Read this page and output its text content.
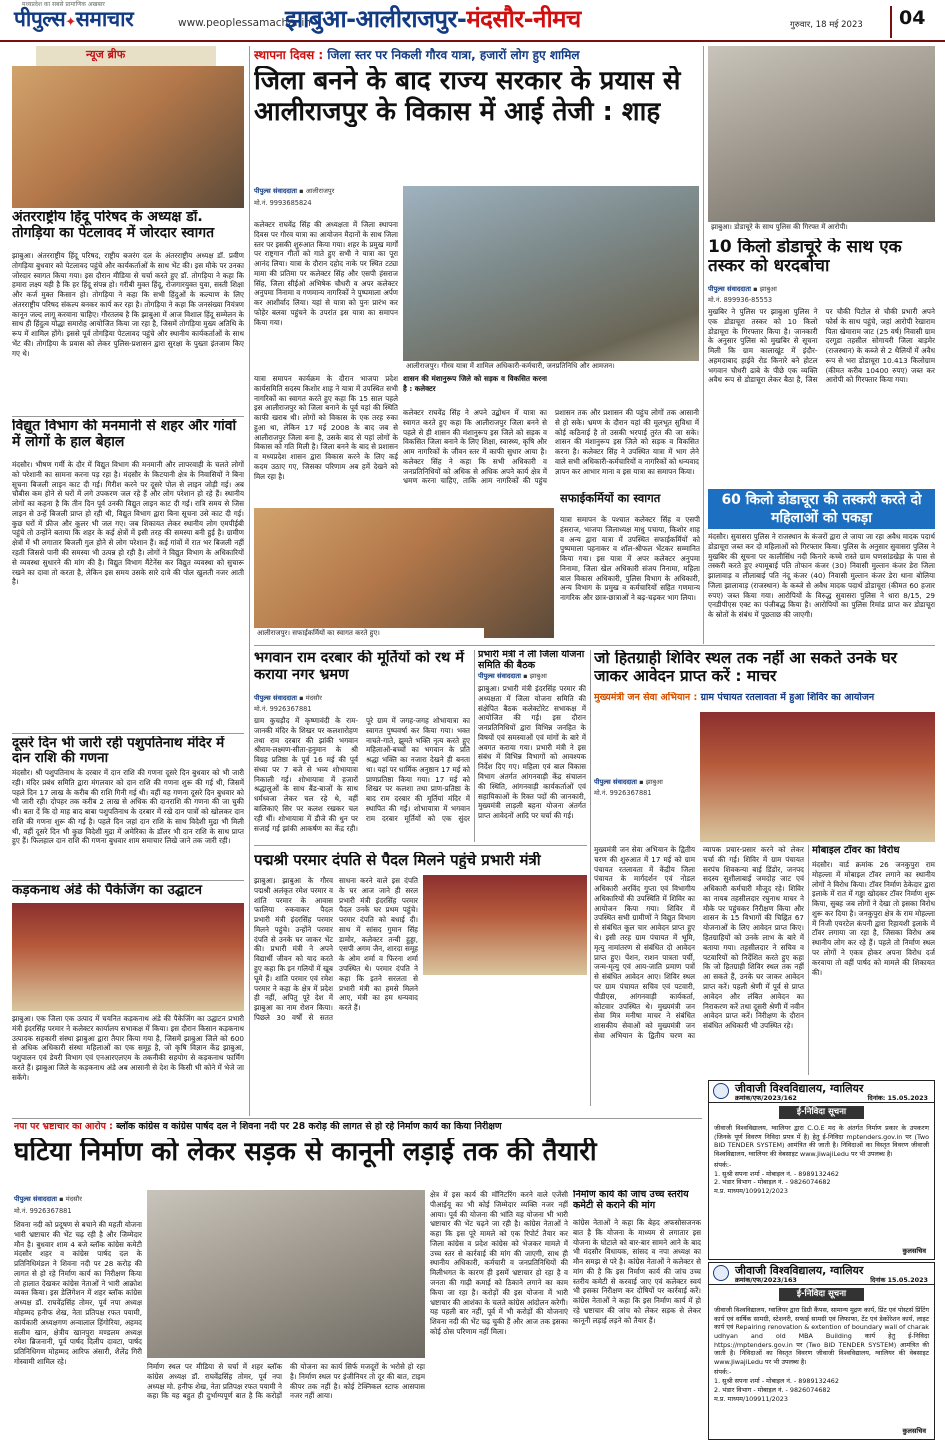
मध्यप्रदेश का सबसे प्रामाणिक अखबार
पीपुल्स✦समाचार	www.peoplessamachar.in
झाबुआ-आलीराजपुर-मंदसौर-नीमच	गुरुवार, 18 मई 2023	04
न्यूज ब्रीफ
अंतरराष्ट्रीय हिंदू परिषद के अध्यक्ष डॉ. तोगड़िया का पेटलावद में जोरदार स्वागत
झाबुआ। अंतरराष्ट्रीय हिंदू परिषद, राष्ट्रीय बजरंग दल के अंतरराष्ट्रीय अध्यक्ष डॉ. प्रवीण तोगड़िया बुधवार को पेटलावद पहुंचे और कार्यकर्ताओं के साथ भेंट की। इस मौके पर उनका जोरदार स्वागत किया गया। इस दौरान मीडिया से चर्चा करते हुए डॉ. तोगड़िया ने कहा कि हमारा लक्ष्य यही है कि हर हिंदू संपन्न हो। गरीबी मुक्त हिंदू, रोजगारयुक्त युवा, सस्ती शिक्षा और कर्ज मुक्त किसान हो। तोगड़िया ने कहा कि सभी हिंदुओं के कल्याण के लिए अंतरराष्ट्रीय परिषद संकल्प बनकर कार्य कर रहा है। तोगड़िया ने कहा कि जनसंख्या नियंत्रण कानून जल्द लागू करवाना चाहिए। गौरतलब है कि झाबुआ में आज विशाल हिंदू सम्मेलन के साथ ही हिंदुत्व योद्धा समारोह आयोजित किया जा रहा है, जिसमें तोगड़िया मुख्य अतिथि के रूप में शामिल होंगे। इससे पूर्व तोगड़िया पेटलावद पहुंचे और स्थानीय कार्यकर्ताओं के साथ भेंट की। तोगड़िया के प्रवास को लेकर पुलिस-प्रशासन द्वारा सुरक्षा के पुख्ता इंतजाम किए गए थे।
विद्युत विभाग की मनमानी से शहर और गांवों में लोगों के हाल बेहाल
मंदसौर। भीषण गर्मी के दौर में विद्युत विभाग की मनमानी और लापरवाही के चलते लोगों को परेशानी का सामना करना पड़ रहा है। मंदसौर के किटयानी क्षेत्र के निवासियों ने बिना सूचना बिजली लाइन काट दी गई। गिरीश करने पर दूसरे पोल से लाइन जोड़ी गई। अब चौबीस कम होने से घरों में लगे उपकरण जल रहे हैं और लोग परेशान हो रहे हैं। स्थानीय लोगों का कहना है कि तीन दिन पूर्व उनकी विद्युत लाइन काट दी गई। रात्रि समय से जिस लाइन से उन्हें बिजली प्राप्त हो रही थी, विद्युत विभाग द्वारा बिना सूचना उसे काट दी गई। कुछ घरों में फ्रीज और कूलर भी जल गए। जब शिकायत लेकर स्थानीय लोग एमपीईबी पहुंचे तो उन्होंने बताया कि शहर के कई क्षेत्रों में इसी तरह की समस्या बनी हुई है। ग्रामीण क्षेत्रों में भी लगातार बिजली गुल होने से लोग परेशान हैं। कई गांवों में रात भर बिजली नहीं रहती जिससे पानी की समस्या भी उत्पन्न हो रही है। लोगों ने विद्युत विभाग के अधिकारियों से व्यवस्था सुधारने की मांग की है। विद्युत विभाग मैंटेनेंस कर विद्युत व्यवस्था को सुचारू रखने का दावा तो करता है, लेकिन इस समय उसके सारे दावे की पोल खुलती नजर आती है।
दूसरे दिन भी जारी रही पशुपतिनाथ मंदिर में दान राशि की गणना
मंदसौर। श्री पशुपतिनाथ के दरबार में दान राशि की गणना दूसरे दिन बुधवार को भी जारी रही। मंदिर प्रबंध समिति द्वारा मंगलवार को दान राशि की गणना शुरू की गई थी, जिसमें पहले दिन 17 लाख के करीब की राशि गिनी गई थी। वहीं यह गणना दूसरे दिन बुधवार को भी जारी रही। दोपहर तक करीब 2 लाख से अधिक की दानराशि की गणना की जा चुकी थी। बता दें कि दो माह बाद बाबा पशुपतिनाथ के दरबार में रखे दान पात्रों को खोलकर दान राशि की गणना शुरू की गई है। पहले दिन जहां दान राशि के साथ विदेशी मुद्रा भी मिली थी, वहीं दूसरे दिन भी कुछ विदेशी मुद्रा में अमेरिका के डॉलर भी दान राशि के साथ प्राप्त हुए हैं। फिलहाल दान राशि की गणना बुधवार शाम समाचार लिखे जाने तक जारी रही।
कड़कनाथ अंडे की पैकेजिंग का उद्घाटन
झाबुआ। एक जिला एक उत्पाद में चयनित कड़कनाथ अंडे की पैकेजिंग का उद्घाटन प्रभारी मंत्री इंदरसिंह परमार ने कलेक्टर कार्यालय सभाकक्ष में किया। इस दौरान किसान कड़कनाथ उत्पादक सहकारी संस्था झाबुआ द्वारा तैयार किया गया है, जिसमें झाबुआ जिले को 600 से अधिक अधिकारी संस्था महिलाओं का एक समूह है, जो कृषि विज्ञान केंद्र झाबुआ, पशुपालन एवं डेयरी विभाग एवं एनआरएलएम के तकनीकी सहयोग से कड़कनाथ फार्मिंग करते हैं। झाबुआ जिले के कड़कनाथ अंडे अब आसानी से देश के किसी भी कोने में भेजे जा सकेंगे।
स्थापना दिवस : जिला स्तर पर निकली गौरव यात्रा, हजारों लोग हुए शामिल
जिला बनने के बाद राज्य सरकार के प्रयास से आलीराजपुर के विकास में आई तेजी : शाह
पीपुल्स संवाददाता ▪ आलीराजपुर
मो.नं. 9993685824
आलीराजपुर। गौरव यात्रा में शामिल अधिकारी-कर्मचारी, जनप्रतिनिधि और आमजन।
कलेक्टर राघवेंद्र सिंह की अध्यक्षता में जिला स्थापना दिवस पर गौरव यात्रा का आयोजन मैदानों के साथ जिला स्तर पर इसकी शुरुआत किया गया। शहर के प्रमुख मार्गों पर राष्ट्रगान गीतों को गाते हुए सभी ने यात्रा का पूरा आनंद लिया। यात्रा के दौरान दहोद नाके पर स्थित टट्या मामा की प्रतिमा पर कलेक्टर सिंह और एसपी हंसराज सिंह, जिला सीईओ अभिषेक चौधरी व अपर कलेक्टर अनुपमा निनामा व गणमान्य नागरिकों ने पुष्पमाला अर्पण कर आशीर्वाद लिया। यहां से यात्रा को पुनः प्रारंभ कर फोहेर बलवा पहुंचने के उपरांत इस यात्रा का समापन किया गया।
यात्रा समापन कार्यक्रम के दौरान भाजपा प्रदेश कार्यसमिति सदस्य किशोर शाह ने यात्रा में उपस्थित सभी नागरिकों का स्वागत करते हुए कहा कि 15 साल पहले इस आलीराजपुर को जिला बनाने के पूर्व यहां की स्थिति काफी खराब थी। लोगों को विकास के एक तरह रुका हुआ था, लेकिन 17 मई 2008 के बाद जब से आलीराजपुर जिला बना है, उसके बाद से यहां लोगों के विकास को गति मिली है। जिला बनने के बाद से प्रशासन व मध्यप्रदेश शासन द्वारा विकास करने के लिए कई कदम उठाए गए, जिसका परिणाम अब हमें देखने को मिल रहा है।
शासन की मंशानुरूप जिले को सड़क व विकसित करना है : कलेक्टर
कलेक्टर राघवेंद्र सिंह ने अपने उद्बोधन में यात्रा का स्वागत करते हुए कहा कि आलीराजपुर जिला बनने से पहले से ही शासन की मंशानुरूप इस जिले को सड़क व विकसित जिला बनाने के लिए शिक्षा, स्वास्थ्य, कृषि और आम नागरिकों के जीवन स्तर में काफी सुधार आया है। कलेक्टर सिंह ने कहा कि सभी अधिकारी व जनप्रतिनिधियों को अधिक से अधिक अपने कार्य क्षेत्र में भ्रमण करना चाहिए, ताकि आम नागरिकों की पहुंच प्रशासन तक और प्रशासन की पहुंच लोगों तक आसानी से हो सके। भ्रमण के दौरान यहां की मूलभूत सुविधा में कोई कठिनाई है तो उसकी भरपाई तुरंत की जा सके। शासन की मंशानुरूप इस जिले को सड़क व विकसित करना है। कलेक्टर सिंह ने उपस्थित यात्रा में भाग लेने वाले सभी अधिकारी-कर्मचारियों व नागरिकों को धन्यवाद ज्ञापन कर आभार माना व इस यात्रा का समापन किया।
आलीराजपुर। सफाईकर्मियों का स्वागत करते हुए।
सफाईकर्मियों का स्वागत
यात्रा समापन के पश्चात कलेक्टर सिंह व एसपी हंसराज, भाजपा जिलाध्यक्ष माधु पचाया, किशोर शाह व अन्य द्वारा यात्रा में उपस्थित सफाईकर्मियों को पुष्पमाला पहनाकर व शॉल-श्रीफल भेंटकर सम्मानित किया गया। इस यात्रा में अपर कलेक्टर अनुपमा निनामा, जिला खेल अधिकारी संजय निनामा, महिला बाल विकास अधिकारी, पुलिस विभाग के अधिकारी, अन्य विभाग के प्रमुख व कर्मचारियों सहित गणमान्य नागरिक और छात्र-छात्राओं ने बढ़-चढ़कर भाग लिया।
झाबुआ। डोडाचूरे के साथ पुलिस की गिरफ्त में आरोपी।
10 किलो डोडाचूरे के साथ एक तस्कर को धरदबोचा
पीपुल्स संवाददाता ▪ झाबुआ
मो.नं. 899936-85553
मुखबिर ने पुलिस पर झाबुआ पुलिस ने एक डोडाचूरा तस्कर को 10 किलो डोडाचूरा के गिरफ्तार किया है। जानकारी के अनुसार पुलिस को मुखबिर से सूचना मिली कि ग्राम कालाखूंट में इंदौर-अहमदाबाद हाईवे रोड किनारे बने होटल भगवान चौधरी ढाबे के पीछे एक व्यक्ति अवैध रूप से डोडाचूरा लेकर बैठा है, जिस पर चौकी पिटोल से चौकी प्रभारी अपने फोर्स के साथ पहुंचे, जहां आरोपी रेखाराम पिता खेमाराम जाट (25 वर्ष) निवासी ग्राम दरगूडा तहसील सोगायरी जिला बाड़मेर (राजस्थान) के कब्जे से 2 थैलियों में अवैध रूप से भरा डोडाचूरा 10.413 किलोग्राम (कीमत करीब 10400 रुपए) जब्त कर आरोपी को गिरफ्तार किया गया।
60 किलो डोडाचूरा की तस्करी करते दो महिलाओं को पकड़ा
मंदसौर। सुवासरा पुलिस ने राजस्थान के कंजरों द्वारा ले जाया जा रहा अवैध मादक पदार्थ डोडाचूरा जब्त कर दो महिलाओं को गिरफ्तार किया। पुलिस के अनुसार सुवासरा पुलिस ने मुखबिर की सूचना पर कालीसिंध नदी किनारे कच्चे रास्ते ग्राम घणसांडखेड़ा के पास से तस्करी करते हुए श्यामूबाई पति तोफान कंजर (30) निवासी मुल्तान कंजर डेरा जिला झालावाड़ व लीलाबाई पति नंदू कंजर (40) निवासी मुल्तान कंजर डेरा थाना बोलिया जिला झालावाड़ (राजस्थान) के कब्जे से अवैध मादक पदार्थ डोडाचूरा (कीमत 60 हजार रुपए) जब्त किया गया। आरोपियों के विरुद्ध सुवासरा पुलिस ने धारा 8/15, 29 एनडीपीएस एक्ट का पंजीबद्ध किया है। आरोपियों का पुलिस रिमांड प्राप्त कर डोडाचूरा के स्रोतों के संबंध में पूछताछ की जाएगी।
भगवान राम दरबार की मूर्तियों को रथ में कराया नगर भ्रमण
पीपुल्स संवाददाता ▪ मंदसौर
मो.नं. 9926367881
ग्राम कुचड़ौद में कृष्णावंदी के राम-जानकी मंदिर के शिखर पर कलशारोहण तथा राम दरबार की झांकी भगवान श्रीराम-लक्ष्मण-सीता-हनुमान के श्री विग्रह प्रतिष्ठा के पूर्व 16 मई की पूर्व संध्या पर 7 बजे से भव्य शोभायात्रा निकाली गई। शोभायात्रा में हजारों श्रद्धालुओं के साथ बैंड-बाजों के साथ धर्मध्वजा लेकर चल रहे थे, वहीं बालिकाएं सिर पर कलश रखकर चल रही थीं। शोभायात्रा में डीजे की धुन पर सजाई गई झांकी आकर्षण का केंद्र रही। पूरे ग्राम में जगह-जगह शोभायात्रा का स्वागत पुष्पवर्षा कर किया गया। भक्त नाचते-गाते, झूमते भक्ति नृत्य करते हुए महिलाओं-बच्चों का भगवान के प्रति श्रद्धा भक्ति का नजारा देखने ही बनता था। यहां पर धार्मिक अनुष्ठान 17 मई को प्राणप्रतिष्ठा किया गया। 17 मई को शिखर पर कलशा तथा प्राण-प्रतिष्ठा के बाद राम दरबार की मूर्तियां मंदिर में स्थापित की गईं। शोभायात्रा में भगवान राम दरबार मूर्तियों को एक सुंदर
प्रभारी मंत्री ने ली जिला योजना समिति की बैठक
पीपुल्स संवाददाता ▪ झाबुआ
झाबुआ। प्रभारी मंत्री इंदरसिंह परमार की अध्यक्षता में जिला योजना समिति की संक्षेपित बैठक कलेक्टोरेट सभाकक्ष में आयोजित की गई। इस दौरान जनप्रतिनिधियों द्वारा विभिन्न जनहित के विषयों एवं समस्याओं एवं मांगों के बारे में अवगत कराया गया। प्रभारी मंत्री ने इस संबंध में विभिन्न विभागों को आवश्यक निर्देश दिए गए। महिला एवं बाल विकास विभाग अंतर्गत आंगनवाड़ी केंद्र संचालन की स्थिति, आंगनवाड़ी कार्यकर्ताओं एवं सहायिकाओं के रिक्त पदों की जानकारी, मुख्यमंत्री लाड़ली बहना योजना अंतर्गत प्राप्त आवेदनों आदि पर चर्चा की गई।
जो हितग्राही शिविर स्थल तक नहीं आ सकते उनके घर जाकर आवेदन प्राप्त करें : माचर
मुख्यमंत्री जन सेवा अभियान : ग्राम पंचायत रतलावता में हुआ शिविर का आयोजन
पीपुल्स संवाददाता ▪ झाबुआ
मो.नं. 9926367881
मुख्यमंत्री जन सेवा अभियान के द्वितीय चरण की शुरुआत में 17 मई को ग्राम पंचायत रतलावता में केंद्रीय जिला पंचायत के मार्गदर्शन एवं नोडल अधिकारी अरविंद गुप्ता एवं विभागीय अधिकारियों की उपस्थिति में शिविर का आयोजन किया गया। शिविर में उपस्थित सभी ग्रामीणों ने विद्युत विभाग से संबंधित कूल चार आवेदन प्राप्त हुए थे। इसी तरह ग्राम पंचायत में भूमि, मृत्यु नामांतरण से संबंधित दो आवेदन प्राप्त हुए। पेंशन, राशन पात्रता पर्ची, जन्म-मृत्यु एवं आय-जाति प्रमाण पत्रों से संबंधित आवेदन आए। शिविर स्थल पर ग्राम पंचायत सचिव एवं पटवारी, पीडीएस, आंगनवाड़ी कार्यकर्ता, कोटवार उपस्थित थे। मुख्यमंत्री जन सेवा मित्र मनीषा माचर ने संबंधित शासकीय सेवाओं को मुख्यमंत्री जन सेवा अभियान के द्वितीय चरण का व्यापक प्रचार-प्रसार करने को लेकर चर्चा की गई। शिविर में ग्राम पंचायत सरपंच शिवकन्या बाई डिंडोर, जनपद सदस्य सुशीलाबाई जमदोह जाट एवं अधिकारी कर्मचारी मौजूद रहे। शिविर का नायब तहसीलदार रघुनाथ माचर ने मौके पर पहुंचकर निरीक्षण किया और शासन के 15 विभागों की चिह्नित 67 योजनाओं के लिए आवेदन प्राप्त किए। हितग्राहियों को उनके लाभ के बारे में बताया गया। तहसीलदार ने सचिव व पटवारियों को निर्देशित करते हुए कहा कि जो हितग्राही शिविर स्थल तक नहीं आ सकते हैं, उनके घर जाकर आवेदन प्राप्त करें। पहली श्रेणी में पूर्व से प्राप्त आवेदन और लंबित आवेदन का निराकरण करें तथा दूसरी श्रेणी में नवीन आवेदन प्राप्त करें। निरीक्षण के दौरान संबंधित अधिकारी भी उपस्थित रहे।
मोबाइल टॉवर का विरोध
मंदसौर। वार्ड क्रमांक 26 जनकुपुरा राम मोहल्ला में मोबाइल टॉवर लगाने का स्थानीय लोगों ने विरोध किया। टॉवर निर्माण ठेकेदार द्वारा इलाके में रात में गड्ढा खोदकर टॉवर निर्माण शुरू किया, सुबह जब लोगों ने देखा तो इसका विरोध शुरू कर दिया है। जनकुपुरा क्षेत्र के राम मोहल्ला में निजी एयरटेल कंपनी द्वारा रिहायशी इलाके में टॉवर लगाया जा रहा है, जिसका विरोध अब स्थानीय लोग कर रहे हैं। पहले तो निर्माण स्थल पर लोगों ने एकत्र होकर अपना विरोध दर्ज करवाया तो वहीं पार्षद को मामले की शिकायत की।
पद्मश्री परमार दंपति से पैदल मिलने पहुंचे प्रभारी मंत्री
झाबुआ। झाबुआ के गौरव पद्मश्री अलंकृत रमेश परमार व शांति परमार के आवास फालिया रुकवाकर पैदल प्रभारी मंत्री इंदरसिंह परमार मिलने पहुंचे। उन्होंने परमार दंपति से उनके घर जाकर भेंट की। प्रभारी मंत्री ने अपने विद्यार्थी जीवन को याद करते हुए कहा कि इन गलियों में खूब घूमे हैं। शांति परमार एवं रमेश परमार ने कहा के क्षेत्र में प्रदेश ही नहीं, अपितु पूरे देश में झाबुआ का नाम रोशन किया। पिछले 30 वर्षों से सतत साधना करने वाले इस दंपति के घर आज जाने ही सरल प्रभारी मंत्री इंदरसिंह परमार पैदल उनके घर प्रथम पहुंचे। परमार दंपति को बधाई दी। साथ में सांसद गुमान सिंह डामोर, कलेक्टर तन्वी हुड्डा, एसपी अगम जैन, शारदा समूह के ओम शर्मा व फिरना शर्मा उपस्थित थे। परमार दंपति ने कहा कि इतने सरलता से प्रभारी मंत्री का हमसे मिलने आए, मंत्री का हम धन्यवाद करते हैं।
नपा पर भ्रष्टाचार का आरोप : ब्लॉक कांग्रेस व कांग्रेस पार्षद दल ने शिवना नदी पर 28 करोड़ की लागत से हो रहे निर्माण कार्य का किया निरीक्षण
घटिया निर्माण को लेकर सड़क से कानूनी लड़ाई तक की तैयारी
पीपुल्स संवाददाता ▪ मंदसौर
मो.नं. 9926367881
शिवना नदी को प्रदूषण से बचाने की महती योजना भारी भ्रष्टाचार की भेंट चढ़ रही है और जिम्मेदार मौन है। बुधवार शाम 4 बजे ब्लॉक कांग्रेस कमेटी मंदसौर शहर व कांग्रेस पार्षद दल के प्रतिनिधिमंडल ने शिवना नदी पर 28 करोड़ की लागत से हो रहे निर्माण कार्य का निरीक्षण किया तो हालात देखकर कांग्रेस नेताओं ने भारी आक्रोश व्यक्त किया। इस डेलिगेशन में शहर ब्लॉक कांग्रेस अध्यक्ष डॉ. राघवेंद्रसिंह तोमर, पूर्व नपा अध्यक्ष मोहम्मद हनीफ शेख, नेता प्रतिपक्ष रफत पयामी, कार्यकारी अध्यक्षगण अन्वालाल हिंगोरिया, अहमद सलीम खान, क्षेत्रीय खानपुरा मण्डलम अध्यक्ष रमेश ब्रिजनानी, पूर्व पार्षद दिलीप दावटा, पार्षद प्रतिनिधिगण मोहम्मद आरिफ अंसारी, शैलेंद्र गिरी गोस्वामी शामिल रहे।
निर्माण स्थल पर मीडिया से चर्चा में शहर ब्लॉक कांग्रेस अध्यक्ष डॉ. राघवेंद्रसिंह तोमर, पूर्व नपा अध्यक्ष मो. हनीफ शेख, नेता प्रतिपक्ष रफत पयामी ने कहा कि यह बहुत ही दुर्भाग्यपूर्ण बात है कि करोड़ों की योजना का कार्य सिर्फ मजदूरों के भरोसे हो रहा है। निर्माण स्थल पर इंजीनियर तो दूर की बात, टाइम कीपर तक नहीं है। कोई टेक्निकल स्टाफ आसपास नजर नहीं आया।
क्षेत्र में इस कार्य की मॉनिटरिंग करने वाले एजेंसी पीआईयू का भी कोई जिम्मेदार व्यक्ति नजर नहीं आया। पूर्व की योजना की भांति यह योजना भी भारी भ्रष्टाचार की भेंट चढ़ने जा रही है। कांग्रेस नेताओं ने कहा कि इस पूरे मामले को एक रिपोर्ट तैयार कर जिला कांग्रेस व प्रदेश कांग्रेस को भेजकर मामले में उच्च स्तर से कार्रवाई की मांग की जाएगी, साथ ही स्थानीय अधिकारी, कर्मचारी व जनप्रतिनिधियों की मिलीभगत के कारण ही इसमें भ्रष्टाचार हो रहा है व जनता की गाढ़ी कमाई को ठिकाने लगाने का काम किया जा रहा है। करोड़ों की इस योजना में भारी भ्रष्टाचार की आशंका के चलते कांग्रेस आंदोलन करेगी। यह पहली बार नहीं, पूर्व में भी करोड़ों की योजनाएं शिवना नदी की भेंट चढ़ चुकी हैं और आज तक इसका कोई ठोस परिणाम नहीं मिला।
निर्माण कार्य की जांच उच्च स्तरीय कमेटी से कराने की मांग
कांग्रेस नेताओं ने कहा कि बेहद अफसोसजनक बात है कि योजना के माध्यम से लगातार इस योजना के घोटाले को बार-बार सामने आने के बाद भी मंदसौर विधायक, सांसद व नपा अध्यक्ष का मौन समझ से परे है। कांग्रेस नेताओं ने कलेक्टर से मांग की है कि इस निर्माण कार्य की जांच उच्च स्तरीय कमेटी से करवाई जाए एवं कलेक्टर स्वयं भी इसका निरीक्षण कर दोषियों पर कार्रवाई करें। कांग्रेस नेताओं ने कहा कि इस निर्माण कार्य में हो रहे भ्रष्टाचार की जांच को लेकर सड़क से लेकर कानूनी लड़ाई लड़ने को तैयार हैं।
जीवाजी विश्वविद्यालय, ग्वालियर
क्रमांक/एफ/2023/162	दिनांक: 15.05.2023
ई-निविदा सूचना
जीवाजी विश्वविद्यालय, ग्वालियर द्वारा C.O.E मद के अंतर्गत निर्माण प्रकार के उपकरण (जिनके पूर्ण विवरण निविदा प्रपत्र में है) हेतु ई-निविदा mptenders.gov.in पर (Two BID TENDER SYSTEM) आमंत्रित की जाती है। निविदाओं का विस्तृत विवरण जीवाजी विश्वविद्यालय, ग्वालियर की वेबसाइट www.JiwajiLedu पर भी उपलब्ध है।
संपर्क:-
1. सुश्री सपना शर्मा - मोबाइल नं. - 8989132462
2. भंडार विभाग - मोबाइल नं. - 9826074682
म.प्र. माध्यम/109912/2023
कुलसचिव
जीवाजी विश्वविद्यालय, ग्वालियर
क्रमांक/एफ/2023/163	दिनांक 15.05.2023
ई-निविदा सूचना
जीवाजी विश्वविद्यालय, ग्वालियर द्वारा डिग्री कैंपस, सामान्य मुद्रण कार्य, प्रिंट एवं पोस्टर्स प्रिंटिंग कार्य एवं वार्षिक सामग्री, स्टेशनरी, सफाई सामग्री एवं लिफाफा, टेंट एवं डेकोरेशन कार्य, लाइट कार्य एवं Repairing renovation & extention of boundary wall of charak udhyan and old MBA Building कार्य हेतु ई-निविदा https://mptenders.gov.in पर (Two BID TENDER SYSTEM) आमंत्रित की जाती है। निविदाओं का विस्तृत विवरण जीवाजी विश्वविद्यालय, ग्वालियर की वेबसाइट www.JiwajiLedu पर भी उपलब्ध है।
संपर्क:-
1. सुश्री सपना शर्मा - मोबाइल नं. - 8989132462
2. भंडार विभाग - मोबाइल नं. - 9826074682
म.प्र. माध्यम/109911/2023
कुलसचिव
